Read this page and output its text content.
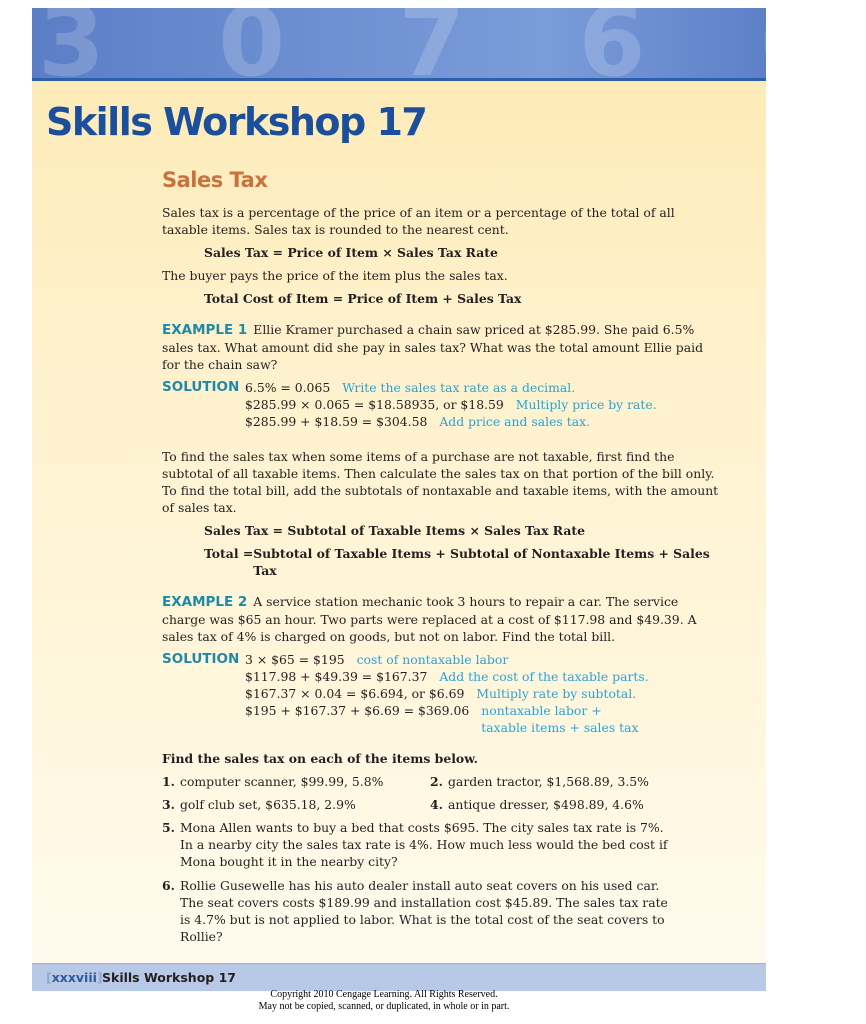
3 0 7 6 6
Skills Workshop 17
Sales Tax

Sales tax is a percentage of the price of an item or a percentage of the total of all taxable items. Sales tax is rounded to the nearest cent.

Sales Tax = Price of Item × Sales Tax Rate

The buyer pays the price of the item plus the sales tax.

Total Cost of Item = Price of Item + Sales Tax

EXAMPLE 1 Ellie Kramer purchased a chain saw priced at $285.99. She paid 6.5% sales tax. What amount did she pay in sales tax? What was the total amount Ellie paid for the chain saw?

SOLUTION 6.5% = 0.065 Write the sales tax rate as a decimal.
$285.99 × 0.065 = $18.58935, or $18.59 Multiply price by rate.
$285.99 + $18.59 = $304.58 Add price and sales tax.

To find the sales tax when some items of a purchase are not taxable, first find the subtotal of all taxable items. Then calculate the sales tax on that portion of the bill only. To find the total bill, add the subtotals of nontaxable and taxable items, with the amount of sales tax.

Sales Tax = Subtotal of Taxable Items × Sales Tax Rate

Total = Subtotal of Taxable Items + Subtotal of Nontaxable Items + Sales Tax

EXAMPLE 2 A service station mechanic took 3 hours to repair a car. The service charge was $65 an hour. Two parts were replaced at a cost of $117.98 and $49.39. A sales tax of 4% is charged on goods, but not on labor. Find the total bill.

SOLUTION 3 × $65 = $195 cost of nontaxable labor
$117.98 + $49.39 = $167.37 Add the cost of the taxable parts.
$167.37 × 0.04 = $6.694, or $6.69 Multiply rate by subtotal.
$195 + $167.37 + $6.69 = $369.06 nontaxable labor + taxable items + sales tax

Find the sales tax on each of the items below.

1. computer scanner, $99.99, 5.8%	2. garden tractor, $1,568.89, 3.5%
3. golf club set, $635.18, 2.9%	4. antique dresser, $498.89, 4.6%
5. Mona Allen wants to buy a bed that costs $695. The city sales tax rate is 7%. In a nearby city the sales tax rate is 4%. How much less would the bed cost if Mona bought it in the nearby city?
6. Rollie Gusewelle has his auto dealer install auto seat covers on his used car. The seat covers costs $189.99 and installation cost $45.89. The sales tax rate is 4.7% but is not applied to labor. What is the total cost of the seat covers to Rollie?
[xxxviii] Skills Workshop 17
Copyright 2010 Cengage Learning. All Rights Reserved.
May not be copied, scanned, or duplicated, in whole or in part.
